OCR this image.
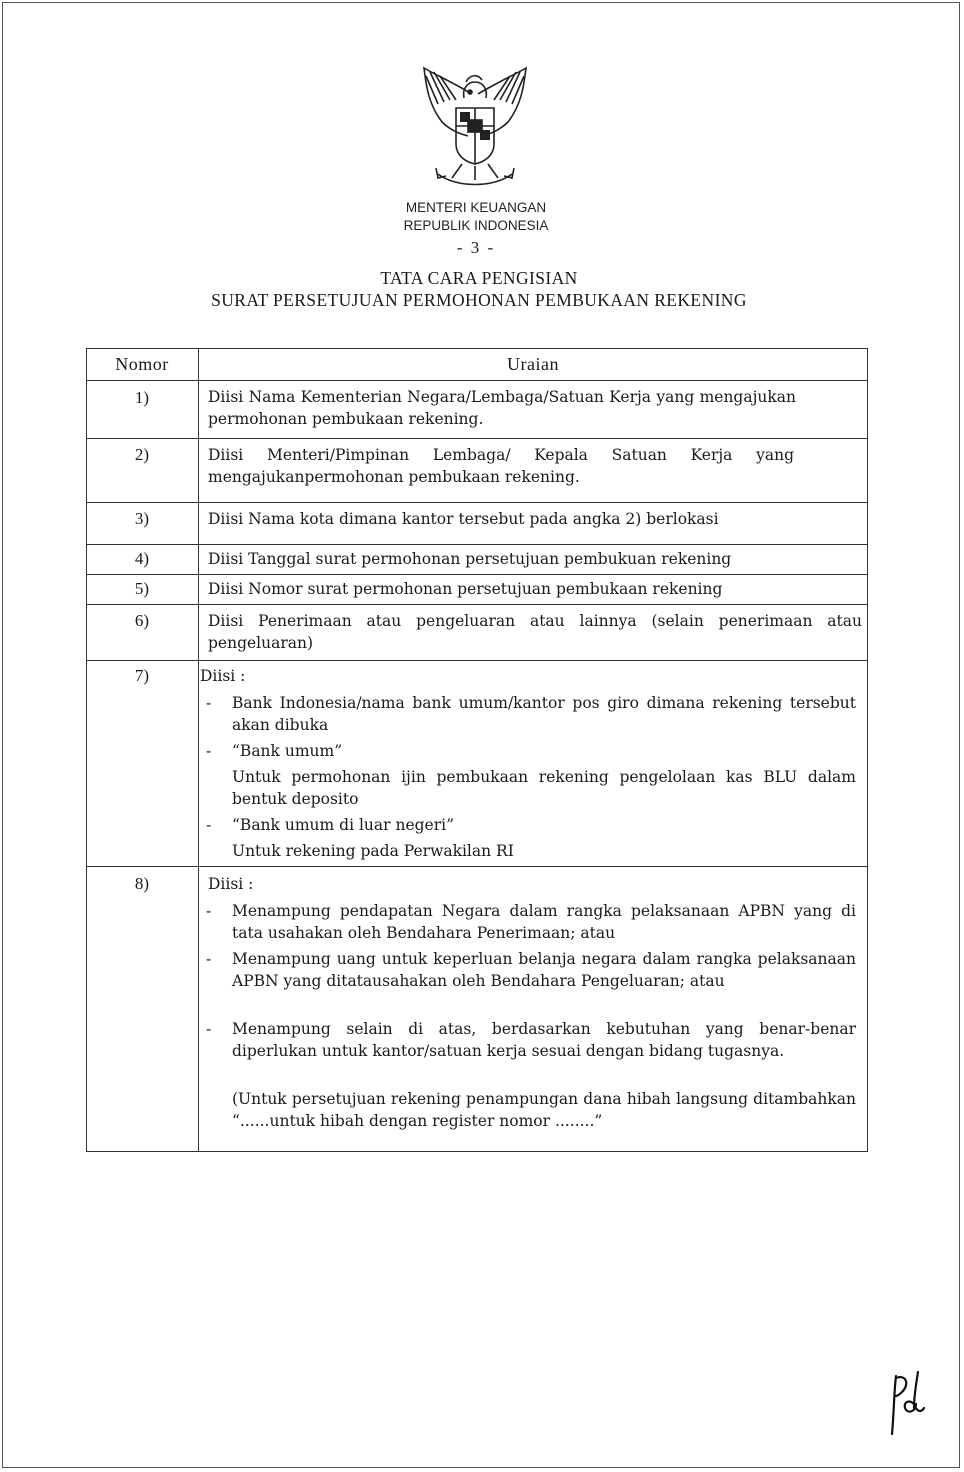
MENTERI KEUANGAN
REPUBLIK INDONESIA
- 3 -
TATA CARA PENGISIAN
SURAT PERSETUJUAN PERMOHONAN PEMBUKAAN REKENING
Nomor	Uraian
1)	Diisi Nama Kementerian Negara/Lembaga/Satuan Kerja yang mengajukan permohonan pembukaan rekening.
2)	Diisi Menteri/Pimpinan Lembaga/ Kepala Satuan Kerja yang mengajukanpermohonan pembukaan rekening.
3)	Diisi Nama kota dimana kantor tersebut pada angka 2) berlokasi
4)	Diisi Tanggal surat permohonan persetujuan pembukuan rekening
5)	Diisi Nomor surat permohonan persetujuan pembukaan rekening
6)	Diisi Penerimaan atau pengeluaran atau lainnya (selain penerimaan atau pengeluaran)
7)	Diisi :
- Bank Indonesia/nama bank umum/kantor pos giro dimana rekening tersebut akan dibuka
- “Bank umum”
Untuk permohonan ijin pembukaan rekening pengelolaan kas BLU dalam bentuk deposito
- “Bank umum di luar negeri”
Untuk rekening pada Perwakilan RI
8)	Diisi :
- Menampung pendapatan Negara dalam rangka pelaksanaan APBN yang di tata usahakan oleh Bendahara Penerimaan; atau
- Menampung uang untuk keperluan belanja negara dalam rangka pelaksanaan APBN yang ditatausahakan oleh Bendahara Pengeluaran; atau
- Menampung selain di atas, berdasarkan kebutuhan yang benar-benar diperlukan untuk kantor/satuan kerja sesuai dengan bidang tugasnya.
(Untuk persetujuan rekening penampungan dana hibah langsung ditambahkan “......untuk hibah dengan register nomor ........”
